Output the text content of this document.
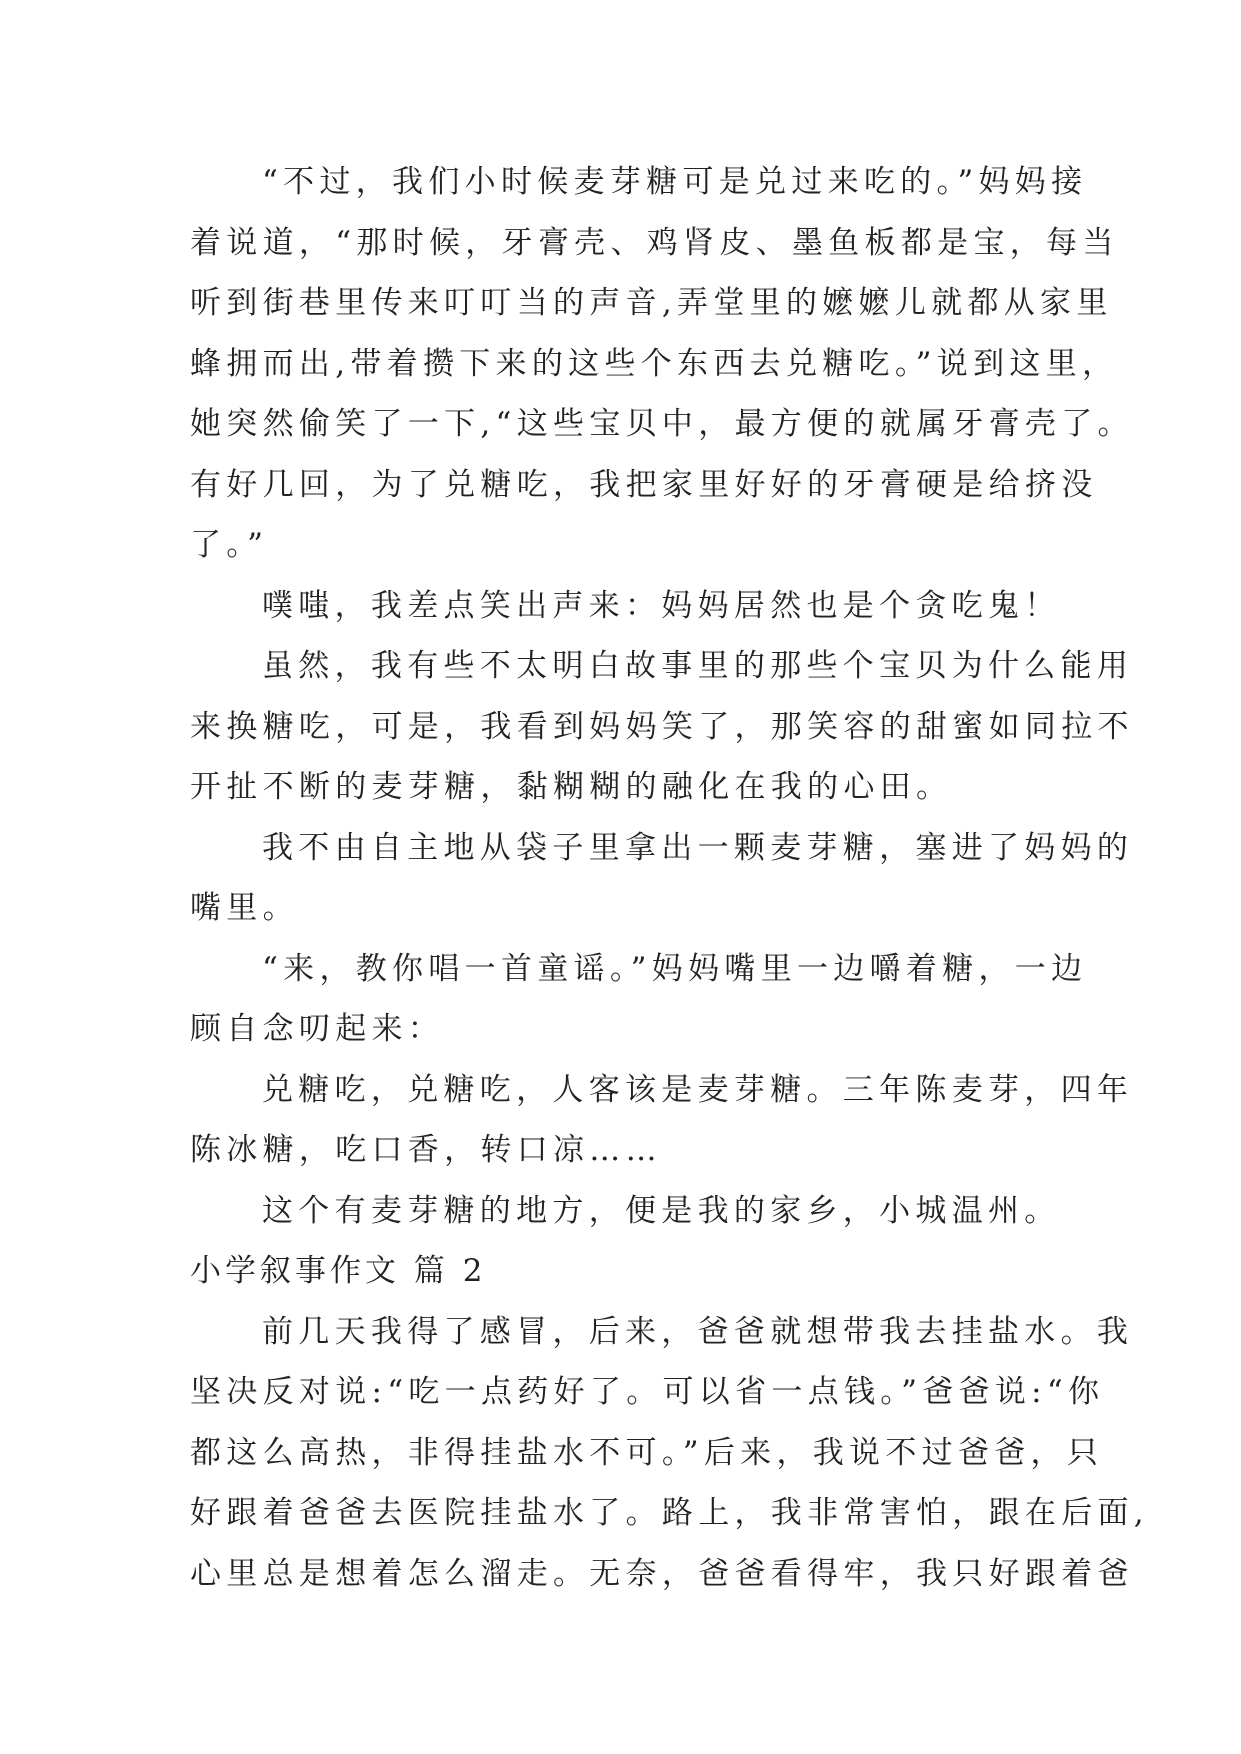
“不过，我们小时候麦芽糖可是兑过来吃的。”妈妈接
着说道，“那时候，牙膏壳、鸡肾皮、墨鱼板都是宝，每当
听到街巷里传来叮叮当的声音,弄堂里的嬷嬷儿就都从家里
蜂拥而出,带着攒下来的这些个东西去兑糖吃。”说到这里，
她突然偷笑了一下,“这些宝贝中，最方便的就属牙膏壳了。
有好几回，为了兑糖吃，我把家里好好的牙膏硬是给挤没
了。”

噗嗤，我差点笑出声来：妈妈居然也是个贪吃鬼！

虽然，我有些不太明白故事里的那些个宝贝为什么能用
来换糖吃，可是，我看到妈妈笑了，那笑容的甜蜜如同拉不
开扯不断的麦芽糖，黏糊糊的融化在我的心田。

我不由自主地从袋子里拿出一颗麦芽糖，塞进了妈妈的
嘴里。

“来，教你唱一首童谣。”妈妈嘴里一边嚼着糖，一边
顾自念叨起来：

兑糖吃，兑糖吃，人客该是麦芽糖。三年陈麦芽，四年
陈冰糖，吃口香，转口凉……

这个有麦芽糖的地方，便是我的家乡，小城温州。

小学叙事作文 篇 2

前几天我得了感冒，后来，爸爸就想带我去挂盐水。我
坚决反对说:“吃一点药好了。可以省一点钱。”爸爸说:“你
都这么高热，非得挂盐水不可。”后来，我说不过爸爸，只
好跟着爸爸去医院挂盐水了。路上，我非常害怕，跟在后面,
心里总是想着怎么溜走。无奈，爸爸看得牢，我只好跟着爸
